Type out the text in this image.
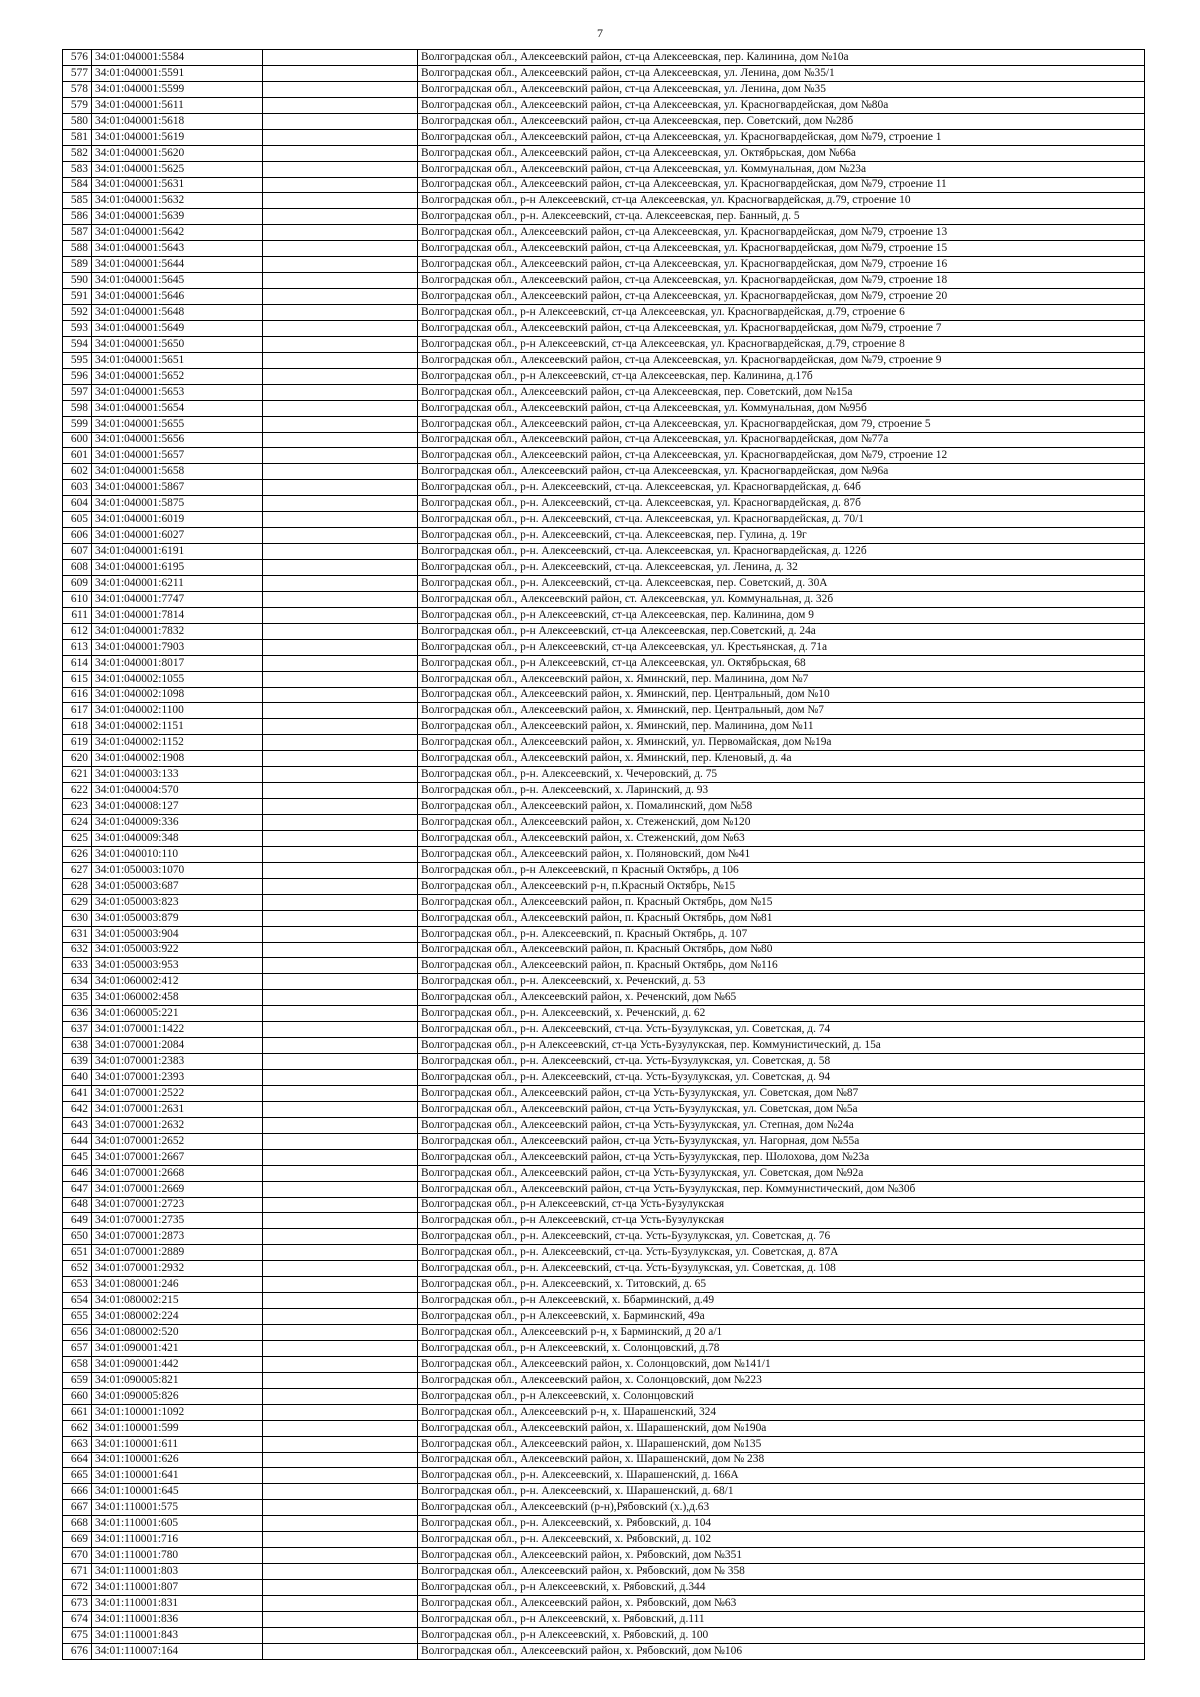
7
576	34:01:040001:5584		Волгоградская обл., Алексеевский район, ст-ца Алексеевская, пер. Калинина, дом №10а
577	34:01:040001:5591		Волгоградская обл., Алексеевский район, ст-ца Алексеевская, ул. Ленина, дом №35/1
578	34:01:040001:5599		Волгоградская обл., Алексеевский район, ст-ца Алексеевская, ул. Ленина, дом №35
579	34:01:040001:5611		Волгоградская обл., Алексеевский район, ст-ца Алексеевская, ул. Красногвардейская, дом №80а
580	34:01:040001:5618		Волгоградская обл., Алексеевский район, ст-ца Алексеевская, пер. Советский, дом №28б
581	34:01:040001:5619		Волгоградская обл., Алексеевский район, ст-ца Алексеевская, ул. Красногвардейская, дом №79, строение 1
582	34:01:040001:5620		Волгоградская обл., Алексеевский район, ст-ца Алексеевская, ул. Октябрьская, дом №66а
583	34:01:040001:5625		Волгоградская обл., Алексеевский район, ст-ца Алексеевская, ул. Коммунальная, дом №23а
584	34:01:040001:5631		Волгоградская обл., Алексеевский район, ст-ца Алексеевская, ул. Красногвардейская, дом №79, строение 11
585	34:01:040001:5632		Волгоградская обл., р-н Алексеевский, ст-ца Алексеевская, ул. Красногвардейская, д.79, строение 10
586	34:01:040001:5639		Волгоградская обл., р-н. Алексеевский, ст-ца. Алексеевская, пер. Банный, д. 5
587	34:01:040001:5642		Волгоградская обл., Алексеевский район, ст-ца Алексеевская, ул. Красногвардейская, дом №79, строение 13
588	34:01:040001:5643		Волгоградская обл., Алексеевский район, ст-ца Алексеевская, ул. Красногвардейская, дом №79, строение 15
589	34:01:040001:5644		Волгоградская обл., Алексеевский район, ст-ца Алексеевская, ул. Красногвардейская, дом №79, строение 16
590	34:01:040001:5645		Волгоградская обл., Алексеевский район, ст-ца Алексеевская, ул. Красногвардейская, дом №79, строение 18
591	34:01:040001:5646		Волгоградская обл., Алексеевский район, ст-ца Алексеевская, ул. Красногвардейская, дом №79, строение 20
592	34:01:040001:5648		Волгоградская обл., р-н Алексеевский, ст-ца Алексеевская, ул. Красногвардейская, д.79, строение 6
593	34:01:040001:5649		Волгоградская обл., Алексеевский район, ст-ца Алексеевская, ул. Красногвардейская, дом №79, строение 7
594	34:01:040001:5650		Волгоградская обл., р-н Алексеевский, ст-ца Алексеевская, ул. Красногвардейская, д.79, строение 8
595	34:01:040001:5651		Волгоградская обл., Алексеевский район, ст-ца Алексеевская, ул. Красногвардейская, дом №79, строение 9
596	34:01:040001:5652		Волгоградская обл., р-н Алексеевский, ст-ца Алексеевская, пер. Калинина, д.17б
597	34:01:040001:5653		Волгоградская обл., Алексеевский район, ст-ца Алексеевская, пер. Советский, дом №15а
598	34:01:040001:5654		Волгоградская обл., Алексеевский район, ст-ца Алексеевская, ул. Коммунальная, дом №95б
599	34:01:040001:5655		Волгоградская обл., Алексеевский район, ст-ца Алексеевская, ул. Красногвардейская, дом 79, строение 5
600	34:01:040001:5656		Волгоградская обл., Алексеевский район, ст-ца Алексеевская, ул. Красногвардейская, дом №77а
601	34:01:040001:5657		Волгоградская обл., Алексеевский район, ст-ца Алексеевская, ул. Красногвардейская, дом №79, строение 12
602	34:01:040001:5658		Волгоградская обл., Алексеевский район, ст-ца Алексеевская, ул. Красногвардейская, дом №96а
603	34:01:040001:5867		Волгоградская обл., р-н. Алексеевский, ст-ца. Алексеевская, ул. Красногвардейская, д. 64б
604	34:01:040001:5875		Волгоградская обл., р-н. Алексеевский, ст-ца. Алексеевская, ул. Красногвардейская, д. 87б
605	34:01:040001:6019		Волгоградская обл., р-н. Алексеевский, ст-ца. Алексеевская, ул. Красногвардейская, д. 70/1
606	34:01:040001:6027		Волгоградская обл., р-н. Алексеевский, ст-ца. Алексеевская, пер. Гулина, д. 19г
607	34:01:040001:6191		Волгоградская обл., р-н. Алексеевский, ст-ца. Алексеевская, ул. Красногвардейская, д. 122б
608	34:01:040001:6195		Волгоградская обл., р-н. Алексеевский, ст-ца. Алексеевская, ул. Ленина, д. 32
609	34:01:040001:6211		Волгоградская обл., р-н. Алексеевский, ст-ца. Алексеевская, пер. Советский, д. 30А
610	34:01:040001:7747		Волгоградская обл., Алексеевский район, ст. Алексеевская, ул. Коммунальная, д. 32б
611	34:01:040001:7814		Волгоградская обл., р-н Алексеевский, ст-ца Алексеевская, пер. Калинина, дом 9
612	34:01:040001:7832		Волгоградская обл., р-н Алексеевский, ст-ца Алексеевская, пер.Советский, д. 24а
613	34:01:040001:7903		Волгоградская обл., р-н Алексеевский, ст-ца Алексеевская, ул. Крестьянская, д. 71а
614	34:01:040001:8017		Волгоградская обл., р-н Алексеевский, ст-ца Алексеевская, ул. Октябрьская, 68
615	34:01:040002:1055		Волгоградская обл., Алексеевский район, х. Яминский, пер. Малинина, дом №7
616	34:01:040002:1098		Волгоградская обл., Алексеевский район, х. Яминский, пер. Центральный, дом №10
617	34:01:040002:1100		Волгоградская обл., Алексеевский район, х. Яминский, пер. Центральный, дом №7
618	34:01:040002:1151		Волгоградская обл., Алексеевский район, х. Яминский, пер. Малинина, дом №11
619	34:01:040002:1152		Волгоградская обл., Алексеевский район, х. Яминский, ул. Первомайская, дом №19а
620	34:01:040002:1908		Волгоградская обл., Алексеевский район, х. Яминский, пер. Кленовый, д. 4а
621	34:01:040003:133		Волгоградская обл., р-н. Алексеевский, х. Чечеровский, д. 75
622	34:01:040004:570		Волгоградская обл., р-н. Алексеевский, х. Ларинский, д. 93
623	34:01:040008:127		Волгоградская обл., Алексеевский район, х. Помалинский, дом №58
624	34:01:040009:336		Волгоградская обл., Алексеевский район, х. Стеженский, дом №120
625	34:01:040009:348		Волгоградская обл., Алексеевский район, х. Стеженский, дом №63
626	34:01:040010:110		Волгоградская обл., Алексеевский район, х. Поляновский, дом №41
627	34:01:050003:1070		Волгоградская обл., р-н Алексеевский, п Красный Октябрь, д 106
628	34:01:050003:687		Волгоградская обл., Алексеевский р-н, п.Красный Октябрь, №15
629	34:01:050003:823		Волгоградская обл., Алексеевский район, п. Красный Октябрь, дом №15
630	34:01:050003:879		Волгоградская обл., Алексеевский район, п. Красный Октябрь, дом №81
631	34:01:050003:904		Волгоградская обл., р-н. Алексеевский, п. Красный Октябрь, д. 107
632	34:01:050003:922		Волгоградская обл., Алексеевский район, п. Красный Октябрь, дом №80
633	34:01:050003:953		Волгоградская обл., Алексеевский район, п. Красный Октябрь, дом №116
634	34:01:060002:412		Волгоградская обл., р-н. Алексеевский, х. Реченский, д. 53
635	34:01:060002:458		Волгоградская обл., Алексеевский район, х. Реченский, дом №65
636	34:01:060005:221		Волгоградская обл., р-н. Алексеевский, х. Реченский, д. 62
637	34:01:070001:1422		Волгоградская обл., р-н. Алексеевский, ст-ца. Усть-Бузулукская, ул. Советская, д. 74
638	34:01:070001:2084		Волгоградская обл., р-н Алексеевский, ст-ца Усть-Бузулукская, пер. Коммунистический, д. 15а
639	34:01:070001:2383		Волгоградская обл., р-н. Алексеевский, ст-ца. Усть-Бузулукская, ул. Советская, д. 58
640	34:01:070001:2393		Волгоградская обл., р-н. Алексеевский, ст-ца. Усть-Бузулукская, ул. Советская, д. 94
641	34:01:070001:2522		Волгоградская обл., Алексеевский район, ст-ца Усть-Бузулукская, ул. Советская, дом №87
642	34:01:070001:2631		Волгоградская обл., Алексеевский район, ст-ца Усть-Бузулукская, ул. Советская, дом №5а
643	34:01:070001:2632		Волгоградская обл., Алексеевский район, ст-ца Усть-Бузулукская, ул. Степная, дом №24а
644	34:01:070001:2652		Волгоградская обл., Алексеевский район, ст-ца Усть-Бузулукская, ул. Нагорная, дом №55а
645	34:01:070001:2667		Волгоградская обл., Алексеевский район, ст-ца Усть-Бузулукская, пер. Шолохова, дом №23а
646	34:01:070001:2668		Волгоградская обл., Алексеевский район, ст-ца Усть-Бузулукская, ул. Советская, дом №92а
647	34:01:070001:2669		Волгоградская обл., Алексеевский район, ст-ца Усть-Бузулукская, пер. Коммунистический, дом №30б
648	34:01:070001:2723		Волгоградская обл., р-н Алексеевский, ст-ца Усть-Бузулукская
649	34:01:070001:2735		Волгоградская обл., р-н Алексеевский, ст-ца Усть-Бузулукская
650	34:01:070001:2873		Волгоградская обл., р-н. Алексеевский, ст-ца. Усть-Бузулукская, ул. Советская, д. 76
651	34:01:070001:2889		Волгоградская обл., р-н. Алексеевский, ст-ца. Усть-Бузулукская, ул. Советская, д. 87А
652	34:01:070001:2932		Волгоградская обл., р-н. Алексеевский, ст-ца. Усть-Бузулукская, ул. Советская, д. 108
653	34:01:080001:246		Волгоградская обл., р-н. Алексеевский, х. Титовский, д. 65
654	34:01:080002:215		Волгоградская обл., р-н Алексеевский, х. Ббарминский, д.49
655	34:01:080002:224		Волгоградская обл., р-н Алексеевский, х. Барминский, 49а
656	34:01:080002:520		Волгоградская обл., Алексеевский р-н, х Барминский, д 20 а/1
657	34:01:090001:421		Волгоградская обл., р-н Алексеевский, х. Солонцовский, д.78
658	34:01:090001:442		Волгоградская обл., Алексеевский район, х. Солонцовский, дом №141/1
659	34:01:090005:821		Волгоградская обл., Алексеевский район, х. Солонцовский, дом №223
660	34:01:090005:826		Волгоградская обл., р-н Алексеевский, х. Солонцовский
661	34:01:100001:1092		Волгоградская обл., Алексеевский р-н, х. Шарашенский, 324
662	34:01:100001:599		Волгоградская обл., Алексеевский район, х. Шарашенский, дом №190а
663	34:01:100001:611		Волгоградская обл., Алексеевский район, х. Шарашенский, дом №135
664	34:01:100001:626		Волгоградская обл., Алексеевский район, х. Шарашенский, дом № 238
665	34:01:100001:641		Волгоградская обл., р-н. Алексеевский, х. Шарашенский, д. 166А
666	34:01:100001:645		Волгоградская обл., р-н. Алексеевский, х. Шарашенский, д. 68/1
667	34:01:110001:575		Волгоградская обл., Алексеевский (р-н),Рябовский (х.),д.63
668	34:01:110001:605		Волгоградская обл., р-н. Алексеевский, х. Рябовский, д. 104
669	34:01:110001:716		Волгоградская обл., р-н. Алексеевский, х. Рябовский, д. 102
670	34:01:110001:780		Волгоградская обл., Алексеевский район, х. Рябовский, дом №351
671	34:01:110001:803		Волгоградская обл., Алексеевский район, х. Рябовский, дом № 358
672	34:01:110001:807		Волгоградская обл., р-н Алексеевский, х. Рябовский, д.344
673	34:01:110001:831		Волгоградская обл., Алексеевский район, х. Рябовский, дом №63
674	34:01:110001:836		Волгоградская обл., р-н Алексеевский, х. Рябовский, д.111
675	34:01:110001:843		Волгоградская обл., р-н Алексеевский, х. Рябовский, д. 100
676	34:01:110007:164		Волгоградская обл., Алексеевский район, х. Рябовский, дом №106
